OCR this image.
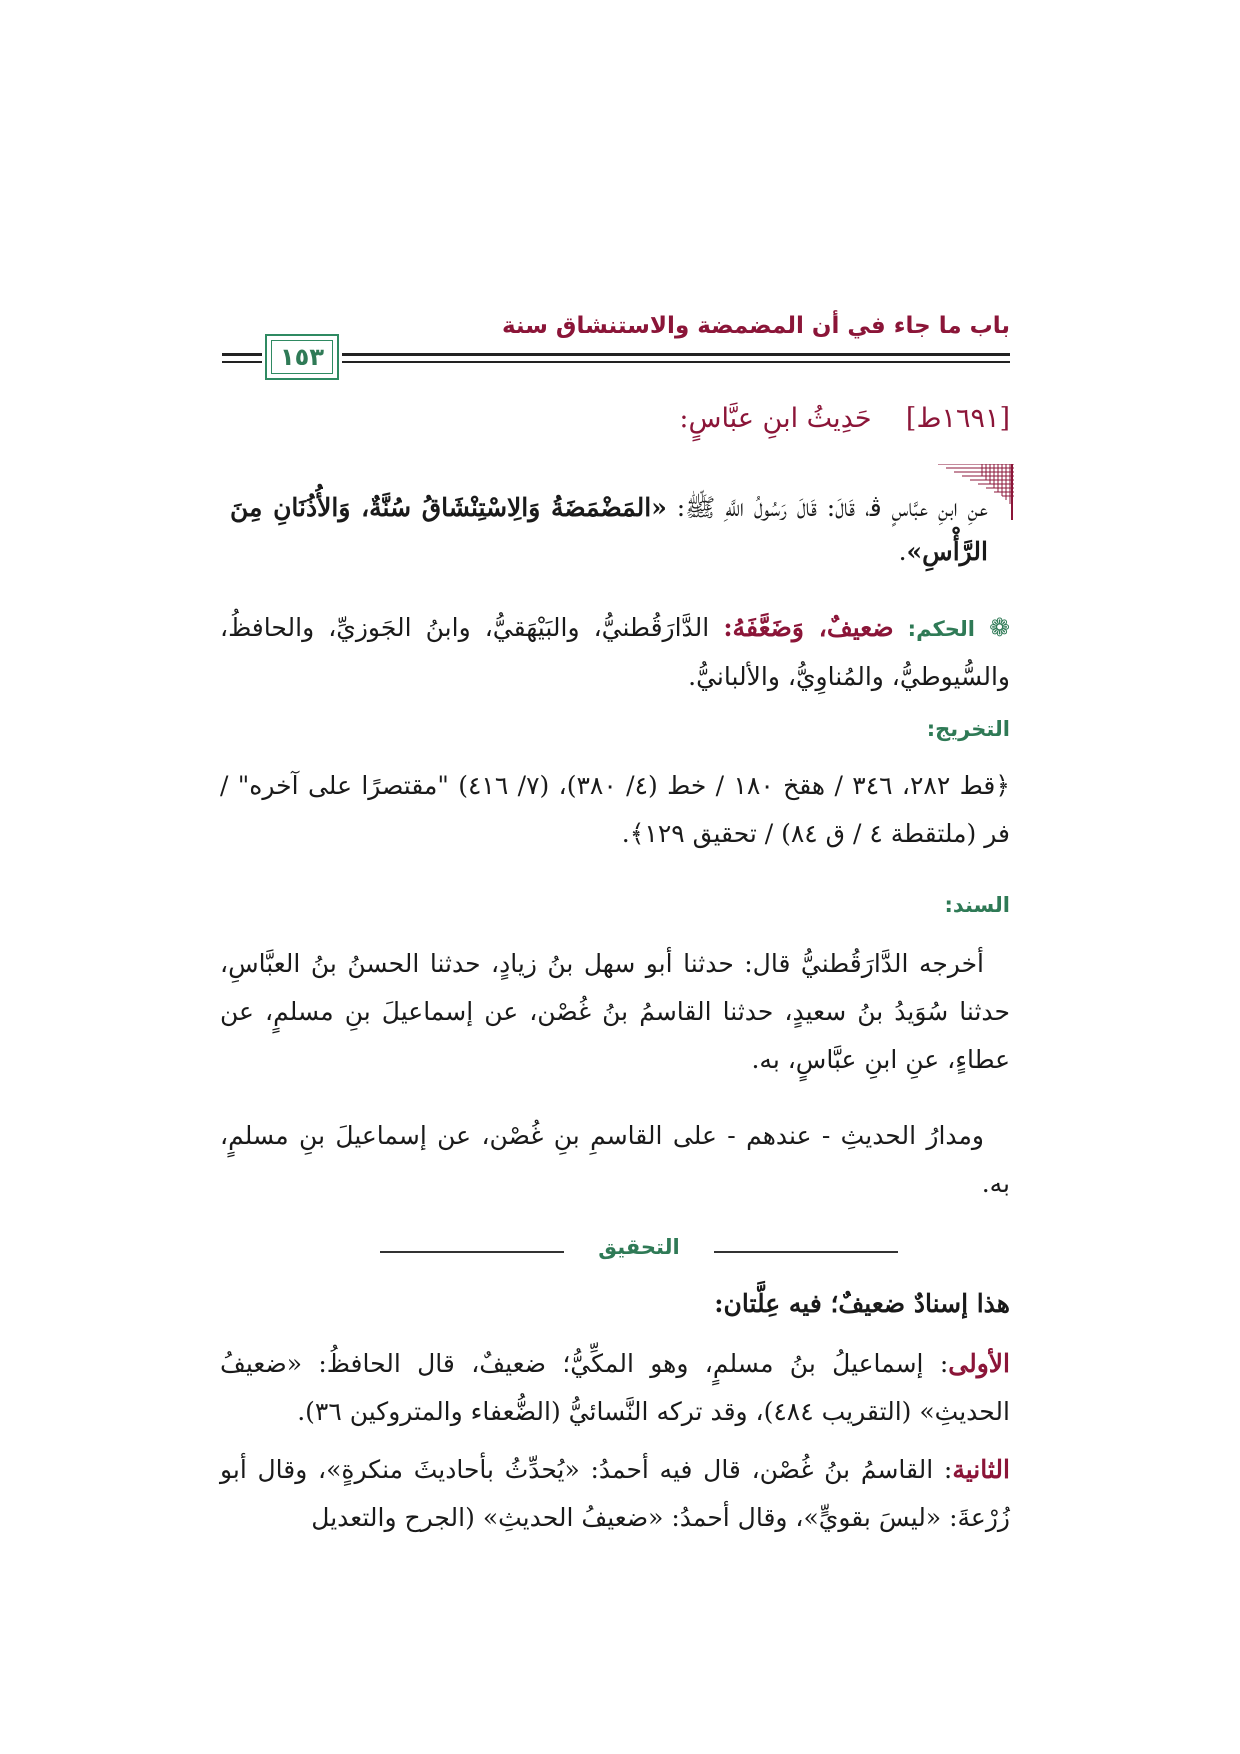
باب ما جاء في أن المضمضة والاستنشاق سنة
١٥٣
[١٦٩١ط]    حَدِيثُ ابنِ عبَّاسٍ:
عنِ ابنِ عبَّاسٍ ﭬ، قَالَ: قَالَ رَسُولُ اللَّهِ ﷺ: «المَضْمَضَةُ وَالِاسْتِنْشَاقُ سُنَّةٌ، وَالأُذُنَانِ مِنَ الرَّأْسِ».
❁ الحكم: ضعيفٌ، وَضَعَّفَهُ: الدَّارَقُطنيُّ، والبَيْهَقيُّ، وابنُ الجَوزيِّ، والحافظُ، والسُّيوطيُّ، والمُناوِيُّ، والألبانيُّ.
التخريج:
﴿قط ٢٨٢، ٣٤٦ / هقخ ١٨٠ / خط (٤/ ٣٨٠)، (٧/ ٤١٦) "مقتصرًا على آخره" / فر (ملتقطة ٤ / ق ٨٤) / تحقيق ١٢٩﴾.
السند:
أخرجه الدَّارَقُطنيُّ قال: حدثنا أبو سهل بنُ زيادٍ، حدثنا الحسنُ بنُ العبَّاسِ، حدثنا سُوَيدُ بنُ سعيدٍ، حدثنا القاسمُ بنُ غُصْن، عن إسماعيلَ بنِ مسلمٍ، عن عطاءٍ، عنِ ابنِ عبَّاسٍ، به.
ومدارُ الحديثِ - عندهم - على القاسمِ بنِ غُصْن، عن إسماعيلَ بنِ مسلمٍ، به.
التحقيق
هذا إسنادٌ ضعيفٌ؛ فيه عِلَّتان:
الأولى: إسماعيلُ بنُ مسلمٍ، وهو المكِّيُّ؛ ضعيفٌ، قال الحافظُ: «ضعيفُ الحديثِ» (التقريب ٤٨٤)، وقد تركه النَّسائيُّ (الضُّعفاء والمتروكين ٣٦).
الثانية: القاسمُ بنُ غُصْن، قال فيه أحمدُ: «يُحدِّثُ بأحاديثَ منكرةٍ»، وقال أبو زُرْعةَ: «ليسَ بقويٍّ»، وقال أحمدُ: «ضعيفُ الحديثِ» (الجرح والتعديل
